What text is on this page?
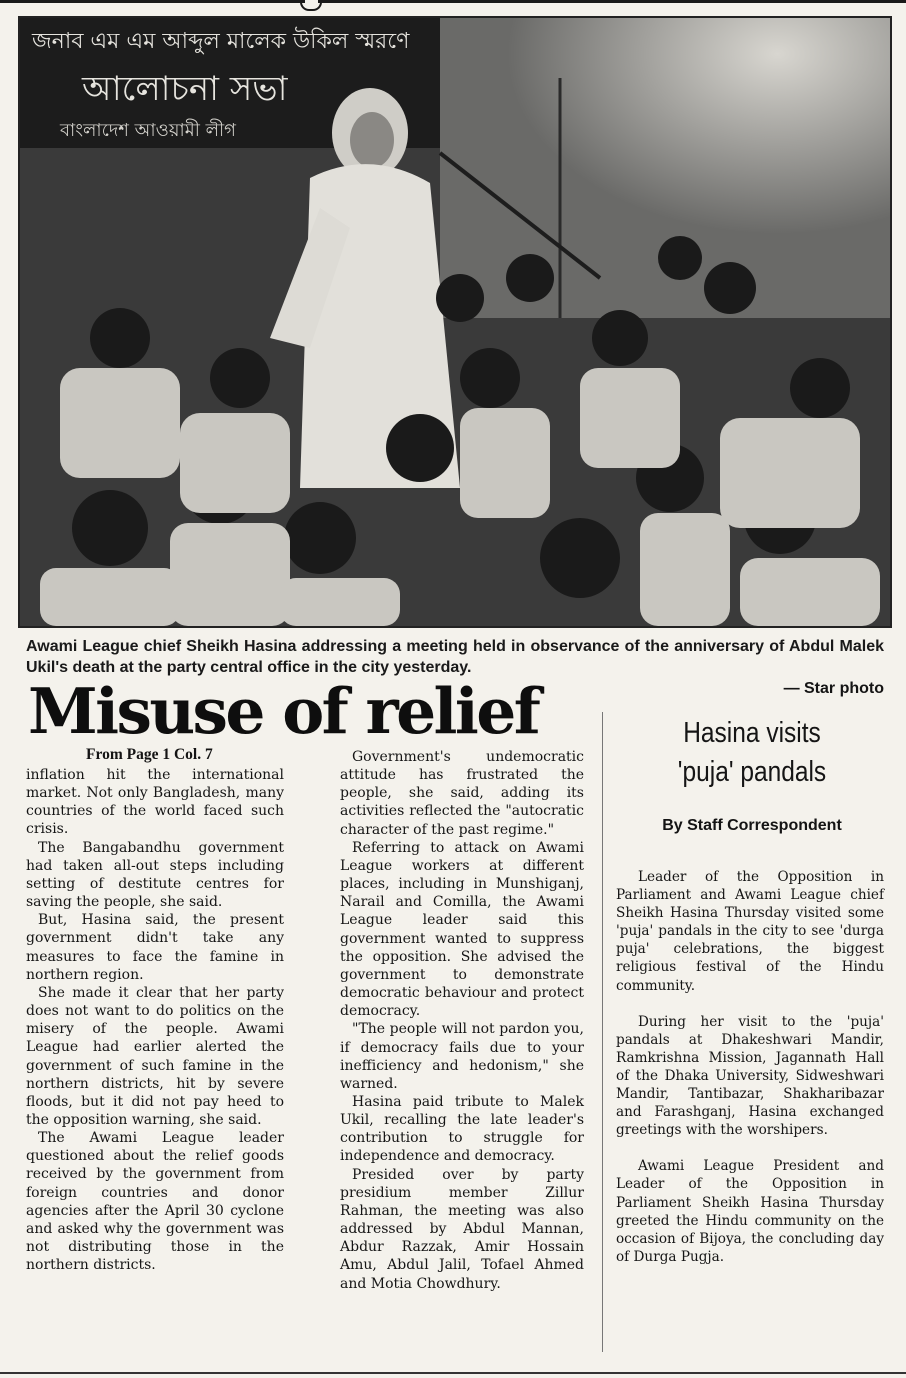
জনাব এম এম আব্দুল মালেক উকিল স্মরণে
আলোচনা সভা
বাংলাদেশ আওয়ামী লীগ
Awami League chief Sheikh Hasina addressing a meeting held in observance of the anniversary of Abdul Malek Ukil's death at the party central office in the city yesterday.
— Star photo
Misuse of relief
From Page 1 Col. 7

inflation hit the international market. Not only Bangladesh, many countries of the world faced such crisis.

The Bangabandhu government had taken all-out steps including setting of destitute centres for saving the people, she said.

But, Hasina said, the present government didn't take any measures to face the famine in northern region.

She made it clear that her party does not want to do politics on the misery of the people. Awami League had earlier alerted the government of such famine in the northern districts, hit by severe floods, but it did not pay heed to the opposition warning, she said.

The Awami League leader questioned about the relief goods received by the government from foreign countries and donor agencies after the April 30 cyclone and asked why the government was not distributing those in the northern districts.

Government's undemocratic attitude has frustrated the people, she said, adding its activities reflected the "autocratic character of the past regime."

Referring to attack on Awami League workers at different places, including in Munshiganj, Narail and Comilla, the Awami League leader said this government wanted to suppress the opposition. She advised the government to demonstrate democratic behaviour and protect democracy.

"The people will not pardon you, if democracy fails due to your inefficiency and hedonism," she warned.

Hasina paid tribute to Malek Ukil, recalling the late leader's contribution to struggle for independence and democracy.

Presided over by party presidium member Zillur Rahman, the meeting was also addressed by Abdul Mannan, Abdur Razzak, Amir Hossain Amu, Abdul Jalil, Tofael Ahmed and Motia Chowdhury.

Hasina visits
'puja' pandals
By Staff Correspondent

Leader of the Opposition in Parliament and Awami League chief Sheikh Hasina Thursday visited some 'puja' pandals in the city to see 'durga puja' celebrations, the biggest religious festival of the Hindu community.

During her visit to the 'puja' pandals at Dhakeshwari Mandir, Ramkrishna Mission, Jagannath Hall of the Dhaka University, Sidweshwari Mandir, Tantibazar, Shakharibazar and Farashganj, Hasina exchanged greetings with the worshipers.

Awami League President and Leader of the Opposition in Parliament Sheikh Hasina Thursday greeted the Hindu community on the occasion of Bijoya, the concluding day of Durga Pugja.
